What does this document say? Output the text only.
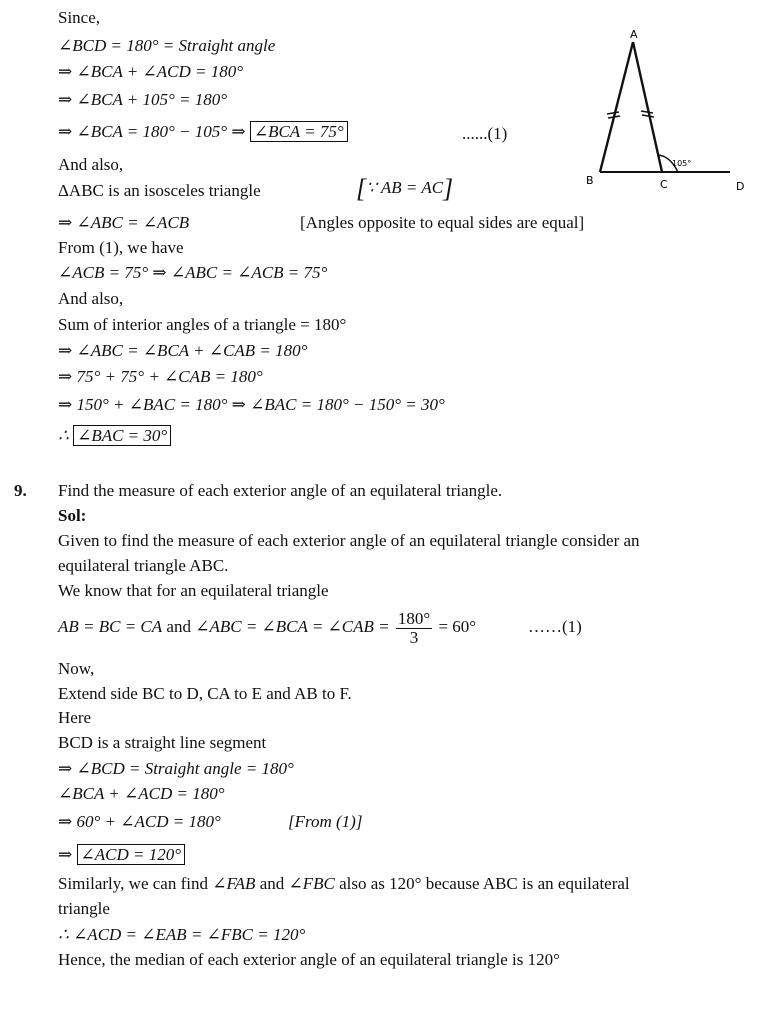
Since,
∠BCD = 180° = Straight angle
⇒ ∠BCA + ∠ACD = 180°
⇒ ∠BCA + 105° = 180°
⇒ ∠BCA = 180° − 105° ⇒ ∠BCA = 75°	......(1)
And also,
ΔABC is an isosceles triangle	[∵ AB = AC]
⇒ ∠ABC = ∠ACB	[Angles opposite to equal sides are equal]
From (1), we have
∠ACB = 75° ⇒ ∠ABC = ∠ACB = 75°
And also,
Sum of interior angles of a triangle = 180°
⇒ ∠ABC = ∠BCA + ∠CAB = 180°
⇒ 75° + 75° + ∠CAB = 180°
⇒ 150° + ∠BAC = 180° ⇒ ∠BAC = 180° − 150° = 30°
∴ ∠BAC = 30°
A
B	C	D
105°
9. Find the measure of each exterior angle of an equilateral triangle.
Sol:
Given to find the measure of each exterior angle of an equilateral triangle consider an
equilateral triangle ABC.
We know that for an equilateral triangle
AB = BC = CA and ∠ABC = ∠BCA = ∠CAB = $\frac{180^\circ}{3} = 60^\circ$	……(1)
Now,
Extend side BC to D, CA to E and AB to F.
Here
BCD is a straight line segment
⇒ ∠BCD = Straight angle = 180°
∠BCA + ∠ACD = 180°
⇒ 60° + ∠ACD = 180°	[From (1)]
⇒ ∠ACD = 120°
Similarly, we can find ∠FAB and ∠FBC also as 120° because ABC is an equilateral
triangle
∴ ∠ACD = ∠EAB = ∠FBC = 120°
Hence, the median of each exterior angle of an equilateral triangle is 120°
